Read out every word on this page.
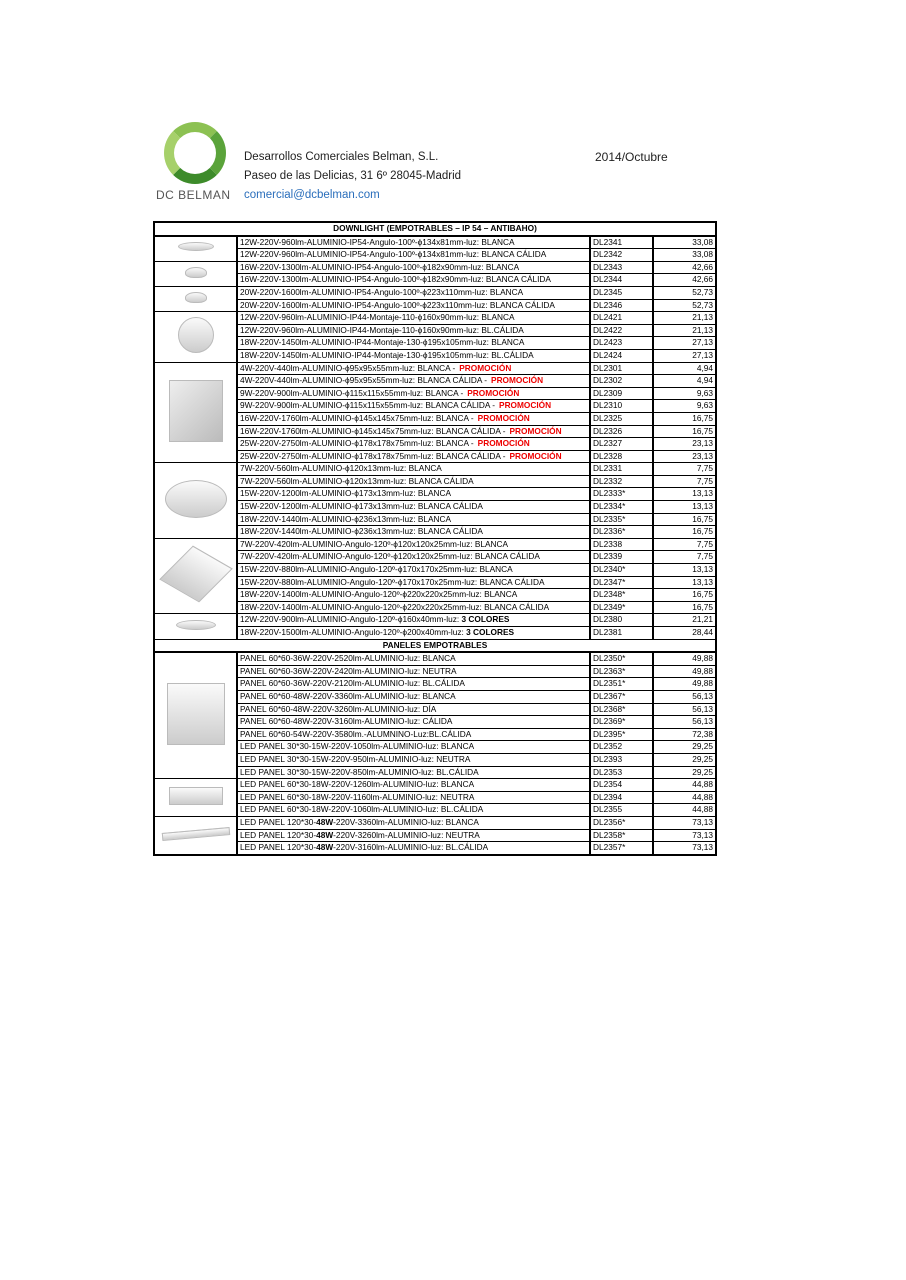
DC BELMAN
Desarrollos Comerciales Belman, S.L.
Paseo de las Delicias, 31 6º 28045-Madrid
comercial@dcbelman.com
2014/Octubre
DOWNLIGHT (EMPOTRABLES – IP 54 – ANTIBAHO)			
	12W-220V-960lm-ALUMINIO-IP54-Angulo-100º-ϕ134x81mm-luz: BLANCA	DL2341	33,08
	12W-220V-960lm-ALUMINIO-IP54-Angulo-100º-ϕ134x81mm-luz: BLANCA CÁLIDA	DL2342	33,08
	16W-220V-1300lm-ALUMINIO-IP54-Angulo-100º-ϕ182x90mm-luz: BLANCA	DL2343	42,66
	16W-220V-1300lm-ALUMINIO-IP54-Angulo-100º-ϕ182x90mm-luz: BLANCA CÁLIDA	DL2344	42,66
	20W-220V-1600lm-ALUMINIO-IP54-Angulo-100º-ϕ223x110mm-luz: BLANCA	DL2345	52,73
	20W-220V-1600lm-ALUMINIO-IP54-Angulo-100º-ϕ223x110mm-luz: BLANCA CÁLIDA	DL2346	52,73
	12W-220V-960lm-ALUMINIO-IP44-Montaje-110-ϕ160x90mm-luz: BLANCA	DL2421	21,13
	12W-220V-960lm-ALUMINIO-IP44-Montaje-110-ϕ160x90mm-luz: BL.CÁLIDA	DL2422	21,13
	18W-220V-1450lm-ALUMINIO-IP44-Montaje-130-ϕ195x105mm-luz: BLANCA	DL2423	27,13
	18W-220V-1450lm-ALUMINIO-IP44-Montaje-130-ϕ195x105mm-luz: BL.CÁLIDA	DL2424	27,13
	4W-220V-440lm-ALUMINIO-ϕ95x95x55mm-luz: BLANCA - PROMOCIÓN	DL2301	4,94
	4W-220V-440lm-ALUMINIO-ϕ95x95x55mm-luz: BLANCA CÁLIDA - PROMOCIÓN	DL2302	4,94
	9W-220V-900lm-ALUMINIO-ϕ115x115x55mm-luz: BLANCA - PROMOCIÓN	DL2309	9,63
	9W-220V-900lm-ALUMINIO-ϕ115x115x55mm-luz: BLANCA CÁLIDA - PROMOCIÓN	DL2310	9,63
	16W-220V-1760lm-ALUMINIO-ϕ145x145x75mm-luz: BLANCA - PROMOCIÓN	DL2325	16,75
	16W-220V-1760lm-ALUMINIO-ϕ145x145x75mm-luz: BLANCA CÁLIDA - PROMOCIÓN	DL2326	16,75
	25W-220V-2750lm-ALUMINIO-ϕ178x178x75mm-luz: BLANCA - PROMOCIÓN	DL2327	23,13
	25W-220V-2750lm-ALUMINIO-ϕ178x178x75mm-luz: BLANCA CÁLIDA - PROMOCIÓN	DL2328	23,13
	7W-220V-560lm-ALUMINIO-ϕ120x13mm-luz: BLANCA	DL2331	7,75
	7W-220V-560lm-ALUMINIO-ϕ120x13mm-luz: BLANCA CÁLIDA	DL2332	7,75
	15W-220V-1200lm-ALUMINIO-ϕ173x13mm-luz: BLANCA	DL2333*	13,13
	15W-220V-1200lm-ALUMINIO-ϕ173x13mm-luz: BLANCA CÁLIDA	DL2334*	13,13
	18W-220V-1440lm-ALUMINIO-ϕ236x13mm-luz: BLANCA	DL2335*	16,75
	18W-220V-1440lm-ALUMINIO-ϕ236x13mm-luz: BLANCA CÁLIDA	DL2336*	16,75
	7W-220V-420lm-ALUMINIO-Angulo-120º-ϕ120x120x25mm-luz: BLANCA	DL2338	7,75
	7W-220V-420lm-ALUMINIO-Angulo-120º-ϕ120x120x25mm-luz: BLANCA CÁLIDA	DL2339	7,75
	15W-220V-880lm-ALUMINIO-Angulo-120º-ϕ170x170x25mm-luz: BLANCA	DL2340*	13,13
	15W-220V-880lm-ALUMINIO-Angulo-120º-ϕ170x170x25mm-luz: BLANCA CÁLIDA	DL2347*	13,13
	18W-220V-1400lm-ALUMINIO-Angulo-120º-ϕ220x220x25mm-luz: BLANCA	DL2348*	16,75
	18W-220V-1400lm-ALUMINIO-Angulo-120º-ϕ220x220x25mm-luz: BLANCA CÁLIDA	DL2349*	16,75
	12W-220V-900lm-ALUMINIO-Angulo-120º-ϕ160x40mm-luz: 3 COLORES	DL2380	21,21
	18W-220V-1500lm-ALUMINIO-Angulo-120º-ϕ200x40mm-luz: 3 COLORES	DL2381	28,44
PANELES EMPOTRABLES			
	PANEL 60*60-36W-220V-2520lm-ALUMINIO-luz: BLANCA	DL2350*	49,88
	PANEL 60*60-36W-220V-2420lm-ALUMINIO-luz: NEUTRA	DL2363*	49,88
	PANEL 60*60-36W-220V-2120lm-ALUMINIO-luz: BL.CÁLIDA	DL2351*	49,88
	PANEL 60*60-48W-220V-3360lm-ALUMINIO-luz: BLANCA	DL2367*	56,13
	PANEL 60*60-48W-220V-3260lm-ALUMINIO-luz: DÍA	DL2368*	56,13
	PANEL 60*60-48W-220V-3160lm-ALUMINIO-luz: CÁLIDA	DL2369*	56,13
	PANEL 60*60-54W-220V-3580lm.-ALUMNINO-Luz:BL.CÁLIDA	DL2395*	72,38
	LED PANEL 30*30-15W-220V-1050lm-ALUMINIO-luz: BLANCA	DL2352	29,25
	LED PANEL 30*30-15W-220V-950lm-ALUMINIO-luz: NEUTRA	DL2393	29,25
	LED PANEL 30*30-15W-220V-850lm-ALUMINIO-luz: BL.CÁLIDA	DL2353	29,25
	LED PANEL 60*30-18W-220V-1260lm-ALUMINIO-luz: BLANCA	DL2354	44,88
	LED PANEL 60*30-18W-220V-1160lm-ALUMINIO-luz: NEUTRA	DL2394	44,88
	LED PANEL 60*30-18W-220V-1060lm-ALUMINIO-luz: BL.CÁLIDA	DL2355	44,88
	LED PANEL 120*30-48W-220V-3360lm-ALUMINIO-luz: BLANCA	DL2356*	73,13
	LED PANEL 120*30-48W-220V-3260lm-ALUMINIO-luz: NEUTRA	DL2358*	73,13
	LED PANEL 120*30-48W-220V-3160lm-ALUMINIO-luz: BL.CÁLIDA	DL2357*	73,13
